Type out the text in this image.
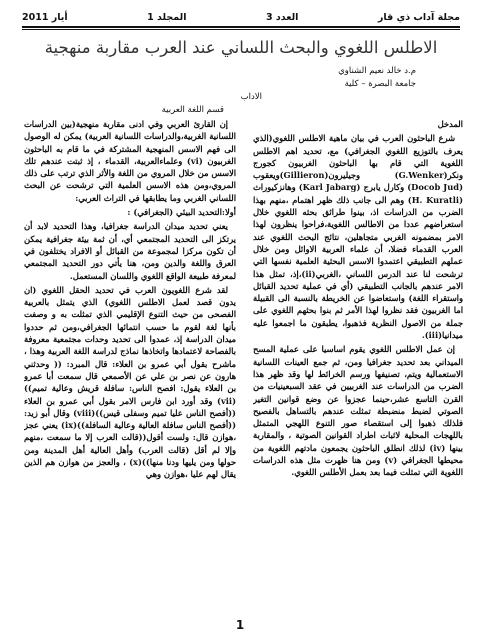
مجلة آداب ذي قار
العدد 3
المجلد 1
أيار 2011
الاطلس اللغوي والبحث اللساني عند العرب مقاربة منهجية
م.د خالد نعيم الشناوي
جامعة البصرة – كلية
الاداب
قسم اللغة العربية

المدخل

شرع الباحثون العرب في بيان ماهية الاطلس اللغوي(الذي يعرف بالتوزيع اللغوي الجغرافي) مع، تحديد اهم الاطلس اللغوية التي قام بها الباحثون الغربيون كجورج ونكر(G.Wenker) وجيليرون(Gillieron)ويعقوب (Docob Jud) وكارل يابرج (Karl Jabarg) وهانزكيوراث (H. Kuratli) وهم الى جانب ذلك ظهر اهتمام ،منهم بهذا الضرب من الدراسات اذ، بينوا طرائق بحثه اللغوي خلال استعراضهم عددا من الاطالس اللغوية،فراحوا ينظرون لهذا الامر بمضمونه الغربي متجاهلين، نتائج البحث اللغوي عند العرب القدماء فضلا، أن علماء العربية الاوائل ومن خلال عملهم التطبيقي اعتمدوا الاسس البحثية العلمية نفسها التي ترشحت لنا عند الدرس اللساني ،الغربي(ii)،إذ، تمثل هذا الامر عندهم بالجانب التطبيقي (أي في عملية تحديد القبائل واستقراء اللغة) واستعاضوا عن الخريطة بالنسبة الى القبيلة اما الغربيون فقد نظروا لهذا الأمر ثم بنوا بحثهم اللغوي على جملة من الاصول النظرية فذهبوا، يطبقون ما اجمعوا عليه ميدانيا(iii).

إن عمل الاطلس اللغوي يقوم اساسيا على عملية المسح الميداني بعد تحديد جغرافيا ومن، ثم جمع العينات اللسانية الاستعمالية ويتم، تصنيفها ورسم الخرائط لها وقد ظهر هذا الضرب من الدراسات عند الغربيين في عقد السبعينيات من القرن التاسع عشر،حينما عجزوا عن وضع قوانين التغير الصوتي لضبط منضبطة تمثلت عندهم بالتساهل بالفصيح فلذلك ذهبوا إلى استقصاء صور التنوع اللهجي المتمثل باللهجات المحلية لاثبات اطراد القوانين الصوتية ، والمقاربة بينها (iv) لذلك انطلق الباحثون يجمعون مادتهم اللغوية من محيطها الجغرافي (v) ومن هنا ظهرت مثل هذه الدراسات اللغوية التي تمثلت فيما بعد بعمل الأطلس اللغوي.

إن القارئ العربي وفي ادنى مقاربة منهجية(بين الدراسات اللسانية الغربية،والدراسات اللسانية العربية) يمكن له الوصول الى فهم الاسس المنهجية المشتركة في ما قام به الباحثون الغربيون (vi) وعلماءالعربية، القدماء ، إذ ثبتت عندهم تلك الاسس من خلال المروي من اللغة والأثر الذي ترتب على ذلك المروي،ومن هذه الاسس العلمية التي ترشحت عن البحث اللساني الغربي وما يطابقها في التراث العربي:

أولا:التحديد البيئي (الجغرافي) :

يعني تحديد ميدان الدراسة جغرافيا، وهذا التحديد لابد أن يرتكز الى التحديد المجتمعي أي، أن ثمة بيئة جغرافية يمكن أن تكون مركزا لمجموعة من القبائل أو الافراد يختلفون في العرق واللغة والدين ومن، هنا يأتي دور التحديد المجتمعي لمعرفة طبيعة الواقع اللغوي واللسان المستعمل.

لقد شرع اللغويون العرب في تحديد الحقل اللغوي (ان يدون قصد لعمل الاطلس اللغوي) الذي يتمثل بالعربية الفصحى من حيث التنوع الإقليمي الذي تمثلت به و وصفت بأنها لغة لقوم ما حسب انتمائها الجغرافي،ومن ثم حددوا ميدان الدراسة إذ، عمدوا الى تحديد وحدات مجتمعية معروفة بالفصاحة لاعتمادها واتخاذها نماذج لدراسة اللغة العربية وهذا ، ماشرح بقول أبي عمرو بن العلاء: قال المبرد: (( وحدثني هارون عن نصر بن علي عن الأصمعي قال سمعت أبا عمرو بن العلاء يقول: افصح الناس: سافلة قريش وعالية تميم))(vii) وقد أورد ابن فارس الامر بقول أبي عمرو بن العلاء ((أفصح الناس عليا تميم وسفلى قيس))(viii) وقال أبو زيد: ((أفصح الناس سافلة العالية وعالية السافلة))(ix) يعني عجز ،هوازن قال: ولست أقول((قالت العرب إلا ما سمعت ،منهم وإلا لم أقل (قالت العرب) وأهل العالية أهل المدينة ومن حولها ومن يليها ودنا منها))(x) ، والعجز من هوازن هم الذين يقال لهم عليا ،هوازن وهي

1
